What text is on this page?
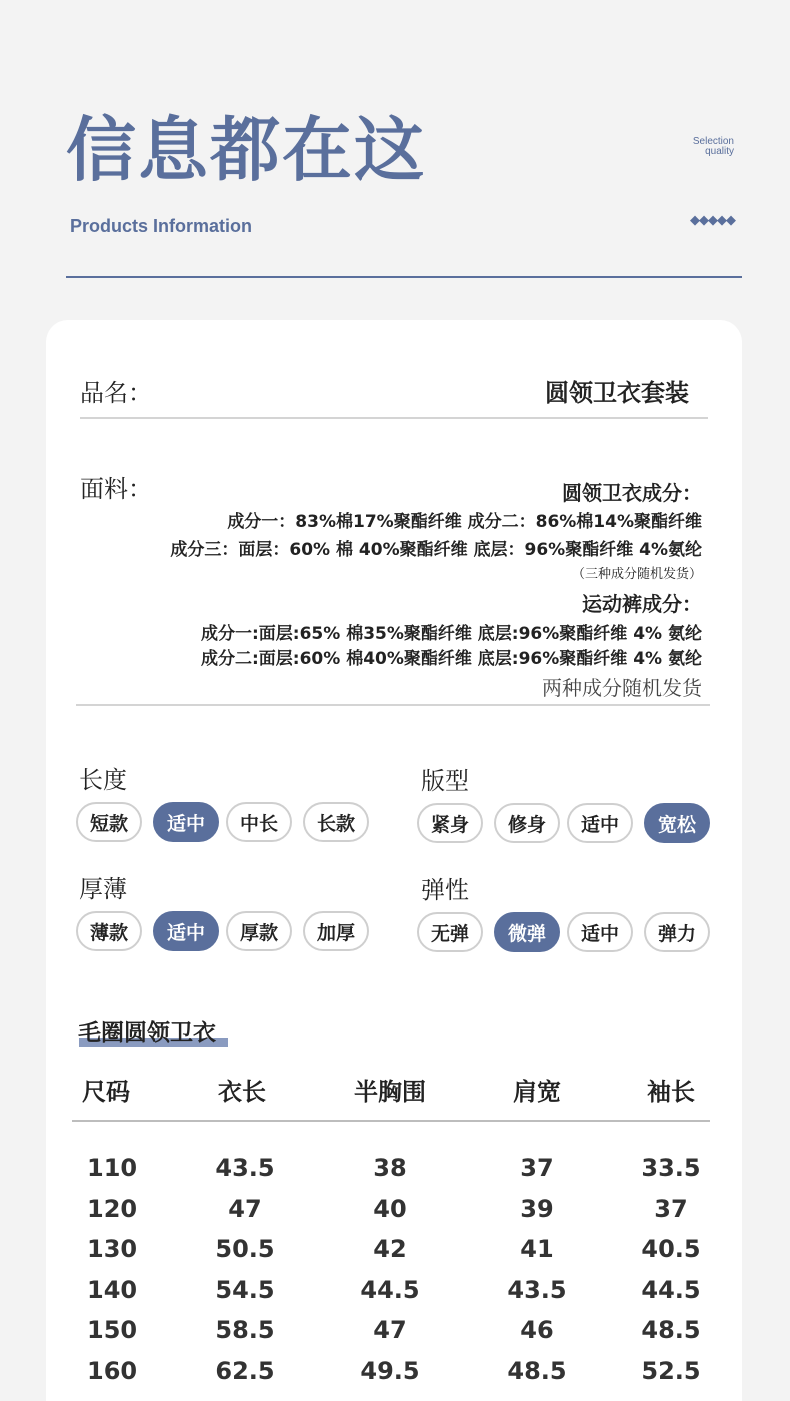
信息都在这	Selection
quality
Products Information	◆◆◆◆◆
品名：	圆领卫衣套装
面料：	圆领卫衣成分：
成分一：83%棉17%聚酯纤维 成分二：86%棉14%聚酯纤维
成分三：面层：60% 棉 40%聚酯纤维 底层：96%聚酯纤维 4%氨纶
（三种成分随机发货）
运动裤成分：
成分一:面层:65% 棉35%聚酯纤维 底层:96%聚酯纤维 4% 氨纶
成分二:面层:60% 棉40%聚酯纤维 底层:96%聚酯纤维 4% 氨纶
两种成分随机发货
长度
短款	适中	中长	长款
版型
紧身	修身	适中	宽松
厚薄
薄款	适中	厚款	加厚
弹性
无弹	微弹	适中	弹力
毛圈圆领卫衣
尺码	衣长	半胸围	肩宽	袖长
110	43.5	38	37	33.5
120	47	40	39	37
130	50.5	42	41	40.5
140	54.5	44.5	43.5	44.5
150	58.5	47	46	48.5
160	62.5	49.5	48.5	52.5
